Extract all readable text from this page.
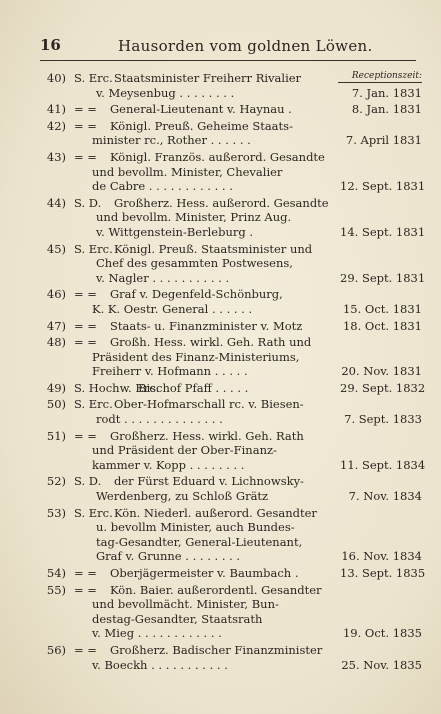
16	Hausorden vom goldnen Löwen.
Receptionszeit:
40) S. Erc. Staatsminister Freiherr Rivalier
v. Meysenbug . . . . . . . .	7. Jan. 1831
41) = = General-Lieutenant v. Haynau .	8. Jan. 1831
42) = = Königl. Preuß. Geheime Staats-
minister rc., Rother . . . . . .	7. April 1831
43) = = Königl. Französ. außerord. Gesandte
und bevollm. Minister, Chevalier
de Cabre . . . . . . . . . . . .	12. Sept. 1831
44) S. D. Großherz. Hess. außerord. Gesandte
und bevollm. Minister, Prinz Aug.
v. Wittgenstein-Berleburg .	14. Sept. 1831
45) S. Erc. Königl. Preuß. Staatsminister und
Chef des gesammten Postwesens,
v. Nagler . . . . . . . . . . .	29. Sept. 1831
46) = = Graf v. Degenfeld-Schönburg,
K. K. Oestr. General . . . . . .	15. Oct. 1831
47) = = Staats- u. Finanzminister v. Motz	18. Oct. 1831
48) = = Großh. Hess. wirkl. Geh. Rath und
Präsident des Finanz-Ministeriums,
Freiherr v. Hofmann . . . . .	20. Nov. 1831
49) S. Hochw. Erc.
Bischof Pfaff . . . . .	29. Sept. 1832
50) S. Erc. Ober-Hofmarschall rc. v. Biesen-
rodt . . . . . . . . . . . . . .	7. Sept. 1833
51) = = Großherz. Hess. wirkl. Geh. Rath
und Präsident der Ober-Finanz-
kammer v. Kopp . . . . . . . .	11. Sept. 1834
52) S. D. der Fürst Eduard v. Lichnowsky-
Werdenberg, zu Schloß Grätz	7. Nov. 1834
53) S. Erc. Kön. Niederl. außerord. Gesandter
u. bevollm Minister, auch Bundes-
tag-Gesandter, General-Lieutenant,
Graf v. Grunne . . . . . . . .	16. Nov. 1834
54) = = Oberjägermeister v. Baumbach .	13. Sept. 1835
55) = = Kön. Baier. außerordentl. Gesandter
und bevollmächt. Minister, Bun-
destag-Gesandter, Staatsrath
v. Mieg . . . . . . . . . . . .	19. Oct. 1835
56) = = Großherz. Badischer Finanzminister
v. Boeckh . . . . . . . . . . .	25. Nov. 1835
